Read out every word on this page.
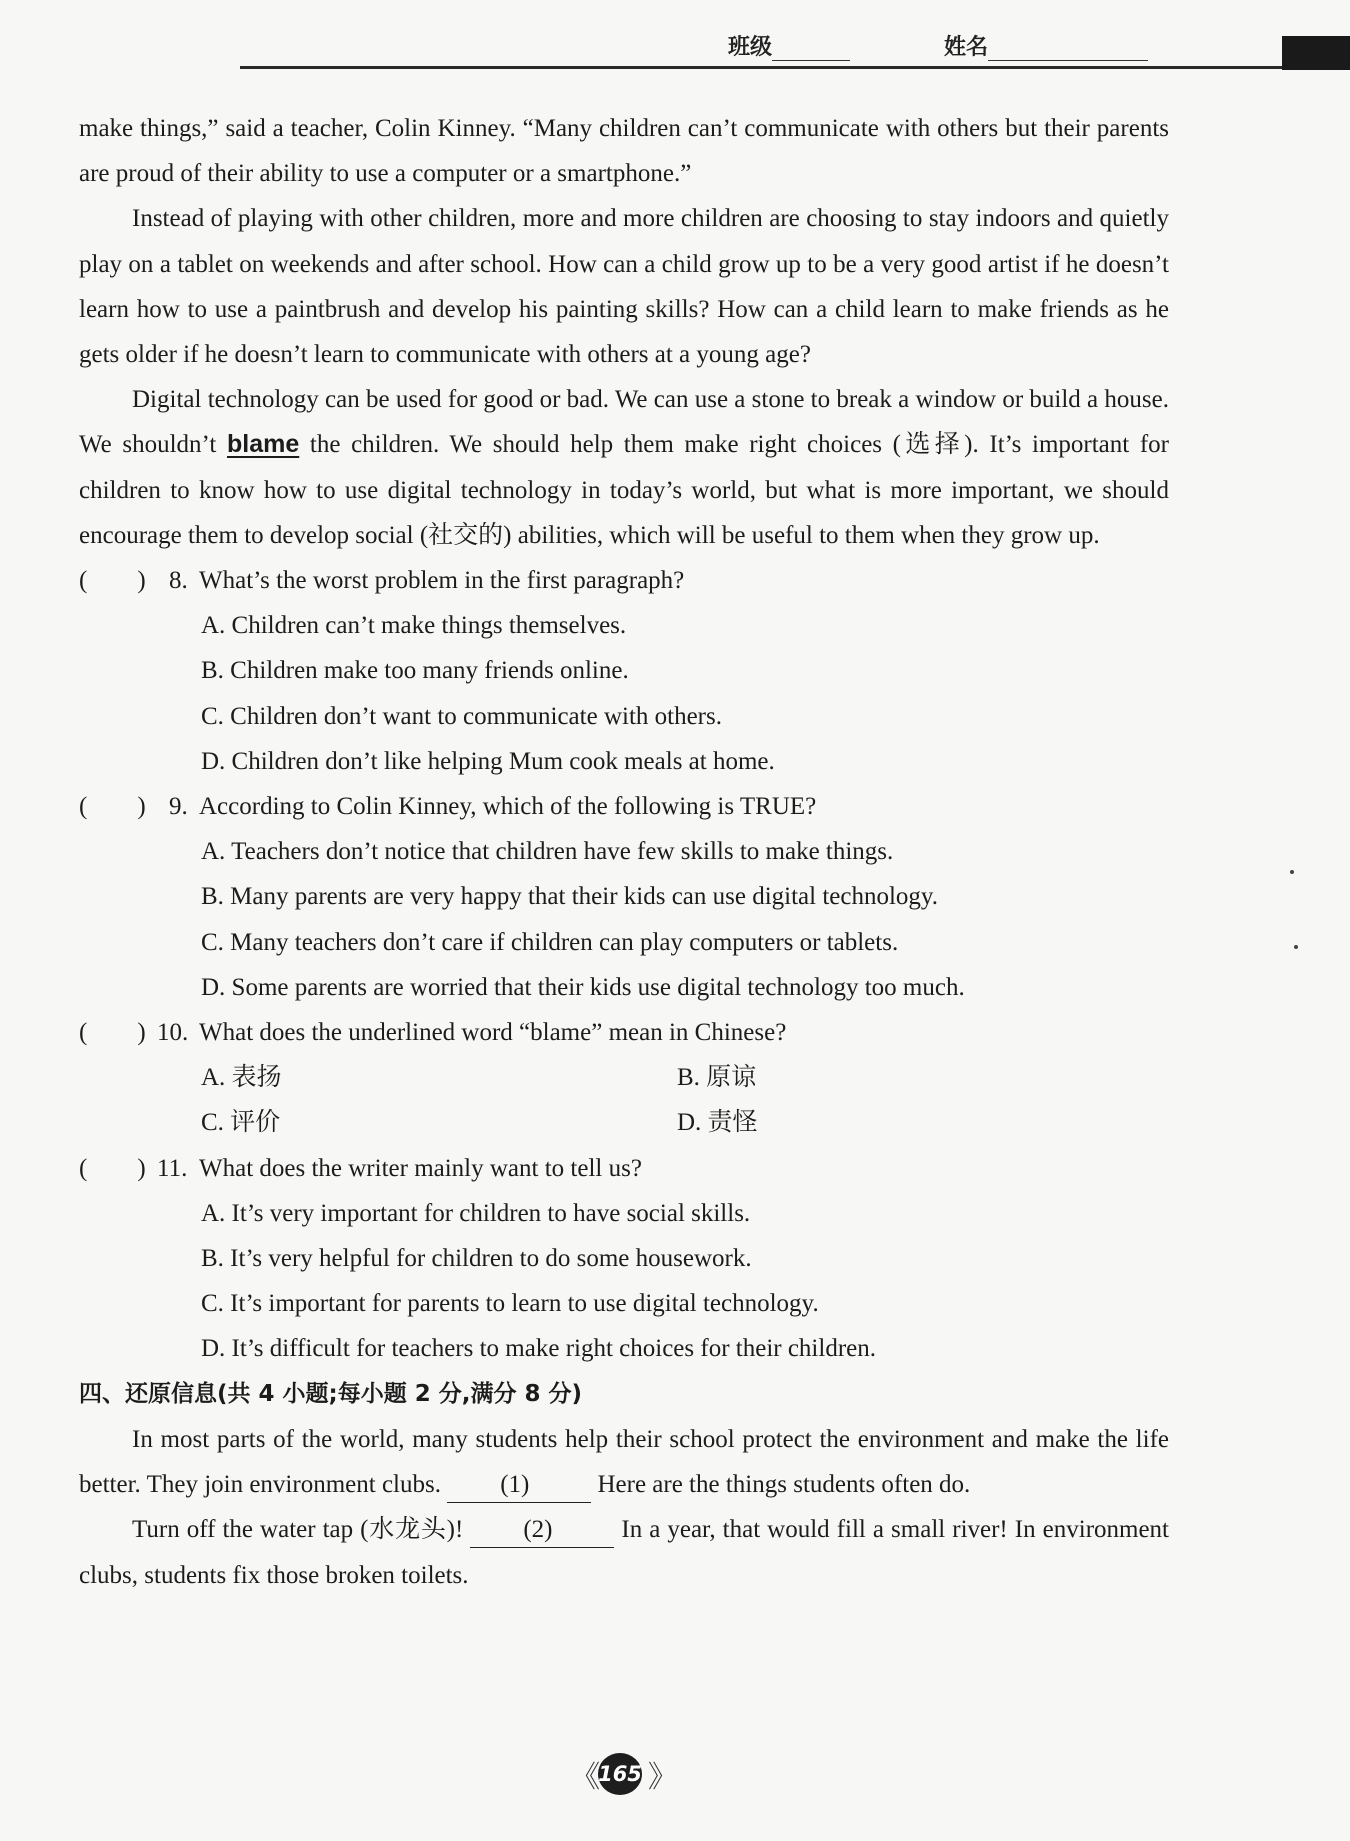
班级	姓名

make things,” said a teacher, Colin Kinney. “Many children can’t communicate with others but their parents are proud of their ability to use a computer or a smartphone.”

Instead of playing with other children, more and more children are choosing to stay indoors and quietly play on a tablet on weekends and after school. How can a child grow up to be a very good artist if he doesn’t learn how to use a paintbrush and develop his painting skills? How can a child learn to make friends as he gets older if he doesn’t learn to communicate with others at a young age?

Digital technology can be used for good or bad. We can use a stone to break a window or build a house. We shouldn’t blame the children. We should help them make right choices (选择). It’s important for children to know how to use digital technology in today’s world, but what is more important, we should encourage them to develop social (社交的) abilities, which will be useful to them when they grow up.

(　　) 8. What’s the worst problem in the first paragraph?

A. Children can’t make things themselves.

B. Children make too many friends online.

C. Children don’t want to communicate with others.

D. Children don’t like helping Mum cook meals at home.

(　　) 9. According to Colin Kinney, which of the following is TRUE?

A. Teachers don’t notice that children have few skills to make things.

B. Many parents are very happy that their kids can use digital technology.

C. Many teachers don’t care if children can play computers or tablets.

D. Some parents are worried that their kids use digital technology too much.

(　　) 10. What does the underlined word “blame” mean in Chinese?
A. 表扬	B. 原谅
C. 评价	D. 责怪
(　　) 11. What does the writer mainly want to tell us?

A. It’s very important for children to have social skills.

B. It’s very helpful for children to do some housework.

C. It’s important for parents to learn to use digital technology.

D. It’s difficult for teachers to make right choices for their children.

四、还原信息(共 4 小题;每小题 2 分,满分 8 分)

In most parts of the world, many students help their school protect the environment and make the life better. They join environment clubs. (1) Here are the things students often do.

Turn off the water tap (水龙头)! (2) In a year, that would fill a small river! In environment clubs, students fix those broken toilets.

《 165 》
